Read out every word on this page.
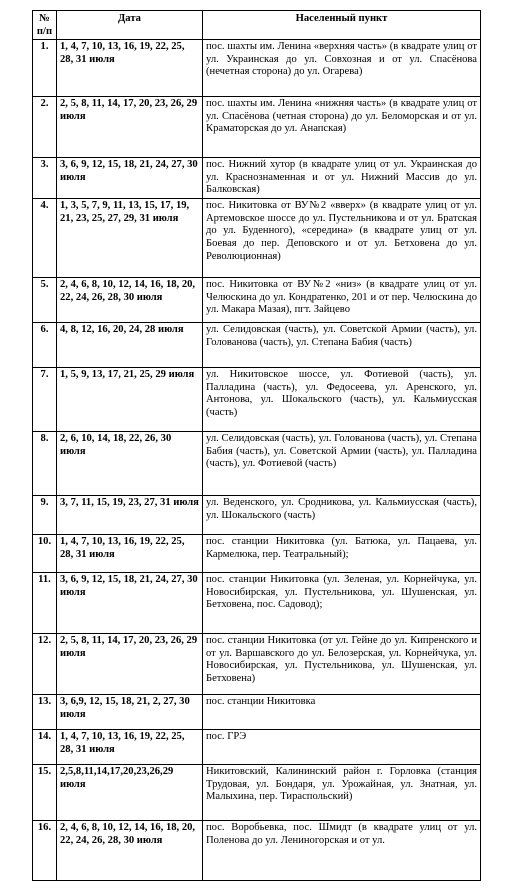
№ п/п	Дата	Населенный пункт
1.	1, 4, 7, 10, 13, 16, 19, 22, 25, 28, 31 июля	пос. шахты им. Ленина «верхняя часть» (в квадрате улиц от ул. Украинская до ул. Совхозная и от ул. Спасёнова (нечетная сторона) до ул. Огарева)
2.	2, 5, 8, 11, 14, 17, 20, 23, 26, 29 июля	пос. шахты им. Ленина «нижняя часть» (в квадрате улиц от ул. Спасёнова (четная сторона) до ул. Беломорская и от ул. Краматорская до ул. Анапская)
3.	3, 6, 9, 12, 15, 18, 21, 24, 27, 30 июля	пос. Нижний хутор (в квадрате улиц от ул. Украинская до ул. Краснознаменная и от ул. Нижний Массив до ул. Балковская)
4.	1, 3, 5, 7, 9, 11, 13, 15, 17, 19, 21, 23, 25, 27, 29, 31 июля	пос. Никитовка от ВУ№2 «вверх» (в квадрате улиц от ул. Артемовское шоссе до ул. Пустельникова и от ул. Братская до ул. Буденного), «середина» (в квадрате улиц от ул. Боевая до пер. Деповского и от ул. Бетховена до ул. Революционная)
5.	2, 4, 6, 8, 10, 12, 14, 16, 18, 20, 22, 24, 26, 28, 30 июля	пос. Никитовка от ВУ№2 «низ» (в квадрате улиц от ул. Челюскина до ул. Кондратенко, 201 и от пер. Челюскина до ул. Макара Мазая), пгт. Зайцево
6.	4, 8, 12, 16, 20, 24, 28 июля	ул. Селидовская (часть), ул. Советской Армии (часть), ул. Голованова (часть), ул. Степана Бабия (часть)
7.	1, 5, 9, 13, 17, 21, 25, 29 июля	ул. Никитовское шоссе, ул. Фотиевой (часть), ул. Палладина (часть), ул. Федосеева, ул. Аренского, ул. Антонова, ул. Шокальского (часть), ул. Кальмиусская (часть)
8.	2, 6, 10, 14, 18, 22, 26, 30 июля	ул. Селидовская (часть), ул. Голованова (часть), ул. Степана Бабия (часть), ул. Советской Армии (часть), ул. Палладина (часть), ул. Фотиевой (часть)
9.	3, 7, 11, 15, 19, 23, 27, 31 июля	ул. Веденского, ул. Сродникова, ул. Кальмиусская (часть), ул. Шокальского (часть)
10.	1, 4, 7, 10, 13, 16, 19, 22, 25, 28, 31 июля	пос. станции Никитовка (ул. Батюка, ул. Пацаева, ул. Кармелюка, пер. Театральный);
11.	3, 6, 9, 12, 15, 18, 21, 24, 27, 30 июля	пос. станции Никитовка (ул. Зеленая, ул. Корнейчука, ул. Новосибирская, ул. Пустельникова, ул. Шушенская, ул. Бетховена, пос. Садовод);
12.	2, 5, 8, 11, 14, 17, 20, 23, 26, 29 июля	пос. станции Никитовка (от ул. Гейне до ул. Кипренского и от ул. Варшавского до ул. Белозерская, ул. Корнейчука, ул. Новосибирская, ул. Пустельникова, ул. Шушенская, ул. Бетховена)
13.	3, 6,9, 12, 15, 18, 21, 2, 27, 30 июля	пос. станции Никитовка
14.	1, 4, 7, 10, 13, 16, 19, 22, 25, 28, 31 июля	пос. ГРЭ
15.	2,5,8,11,14,17,20,23,26,29 июля	Никитовский, Калининский район г. Горловка (станция Трудовая, ул. Бондаря, ул. Урожайная, ул. Знатная, ул. Малыхина, пер. Тираспольский)
16.	2, 4, 6, 8, 10, 12, 14, 16, 18, 20, 22, 24, 26, 28, 30 июля	пос. Воробьевка, пос. Шмидт (в квадрате улиц от ул. Поленова до ул. Лениногорская и от ул.
